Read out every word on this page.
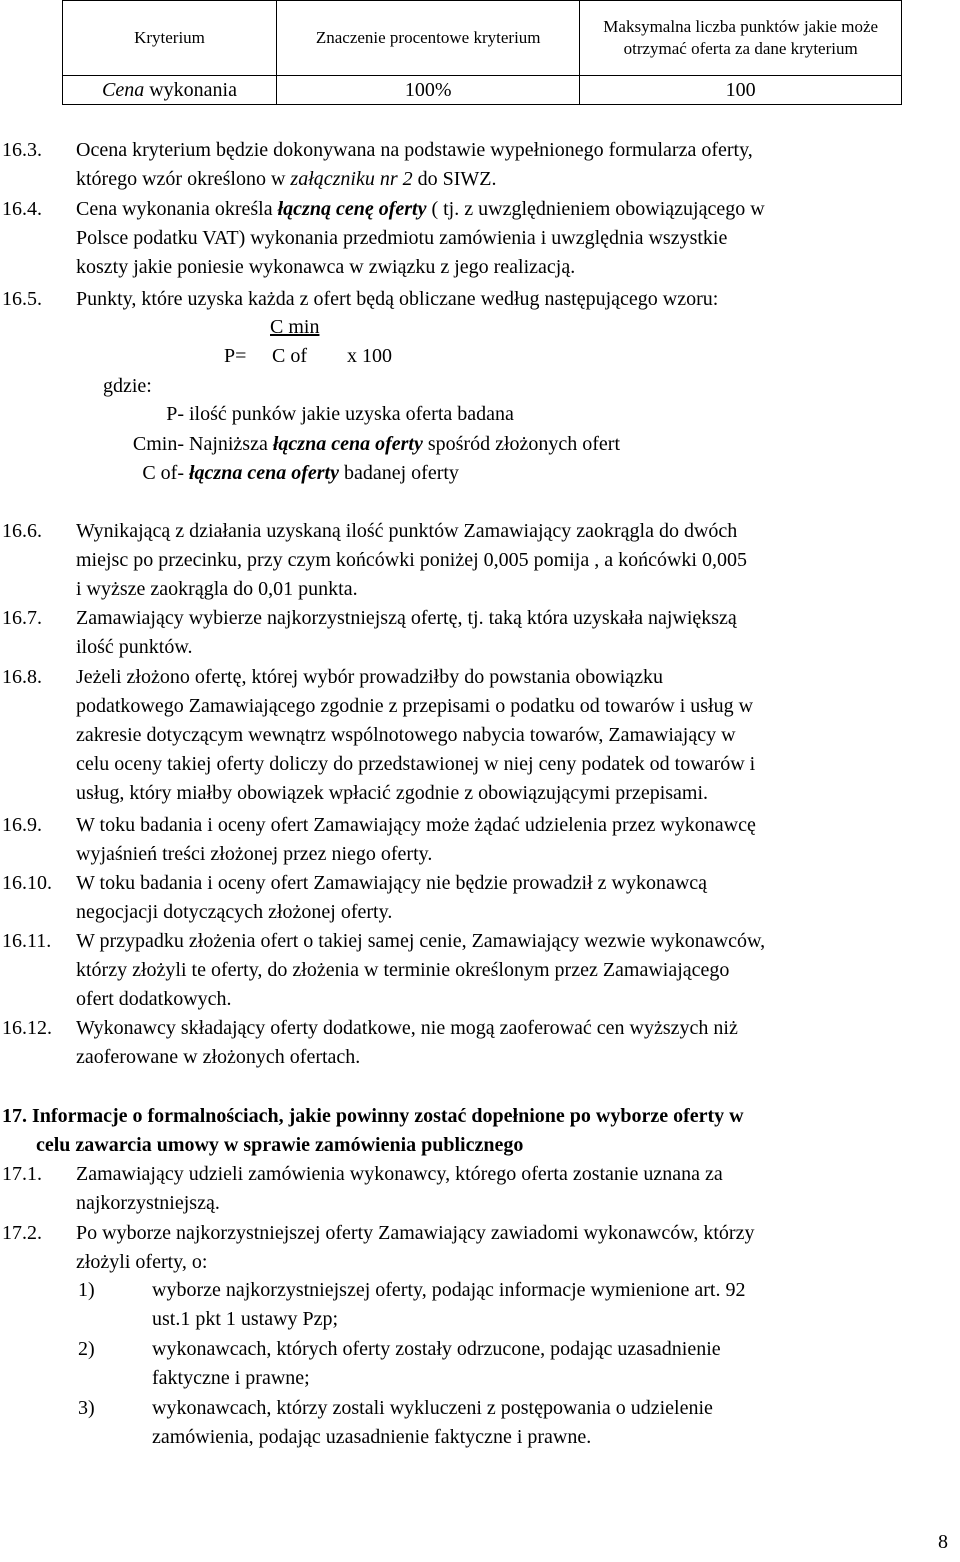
Kryterium	Znaczenie procentowe kryterium	Maksymalna liczba punktów jakie może otrzymać oferta za dane kryterium
Cena wykonania	100%	100
16.3. Ocena kryterium będzie dokonywana na podstawie wypełnionego formularza oferty,
którego wzór określono w załączniku nr 2 do SIWZ.
16.4. Cena wykonania określa łączną cenę oferty ( tj. z uwzględnieniem obowiązującego w
Polsce podatku VAT) wykonania przedmiotu zamówienia i uwzględnia wszystkie
koszty jakie poniesie wykonawca w związku z jego realizacją.
16.5. Punkty, które uzyska każda z ofert będą obliczane według następującego wzoru:
C min
P= C of x 100
gdzie:
P- ilość punków jakie uzyska oferta badana
Cmin- Najniższa łączna cena oferty spośród złożonych ofert
C of- łączna cena oferty badanej oferty
16.6. Wynikającą z działania uzyskaną ilość punktów Zamawiający zaokrągla do dwóch
miejsc po przecinku, przy czym końcówki poniżej 0,005 pomija , a końcówki 0,005
i wyższe zaokrągla do 0,01 punkta.
16.7. Zamawiający wybierze najkorzystniejszą ofertę, tj. taką która uzyskała największą
ilość punktów.
16.8. Jeżeli złożono ofertę, której wybór prowadziłby do powstania obowiązku
podatkowego Zamawiającego zgodnie z przepisami o podatku od towarów i usług w
zakresie dotyczącym wewnątrz wspólnotowego nabycia towarów, Zamawiający w
celu oceny takiej oferty doliczy do przedstawionej w niej ceny podatek od towarów i
usług, który miałby obowiązek wpłacić zgodnie z obowiązującymi przepisami.
16.9. W toku badania i oceny ofert Zamawiający może żądać udzielenia przez wykonawcę
wyjaśnień treści złożonej przez niego oferty.
16.10. W toku badania i oceny ofert Zamawiający nie będzie prowadził z wykonawcą
negocjacji dotyczących złożonej oferty.
16.11. W przypadku złożenia ofert o takiej samej cenie, Zamawiający wezwie wykonawców,
którzy złożyli te oferty, do złożenia w terminie określonym przez Zamawiającego
ofert dodatkowych.
16.12. Wykonawcy składający oferty dodatkowe, nie mogą zaoferować cen wyższych niż
zaoferowane w złożonych ofertach.
17. Informacje o formalnościach, jakie powinny zostać dopełnione po wyborze oferty w
celu zawarcia umowy w sprawie zamówienia publicznego
17.1. Zamawiający udzieli zamówienia wykonawcy, którego oferta zostanie uznana za
najkorzystniejszą.
17.2. Po wyborze najkorzystniejszej oferty Zamawiający zawiadomi wykonawców, którzy
złożyli oferty, o:
1)	wyborze najkorzystniejszej oferty, podając informacje wymienione art. 92
ust.1 pkt 1 ustawy Pzp;
2)	wykonawcach, których oferty zostały odrzucone, podając uzasadnienie
faktyczne i prawne;
3)	wykonawcach, którzy zostali wykluczeni z postępowania o udzielenie
zamówienia, podając uzasadnienie faktyczne i prawne.
8
